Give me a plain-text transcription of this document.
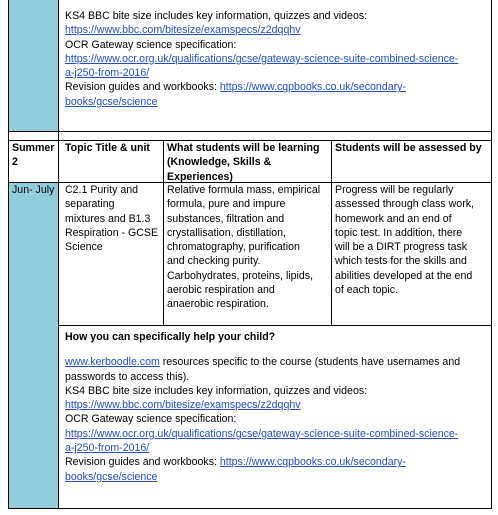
KS4 BBC bite size includes key information, quizzes and videos:

https://www.bbc.com/bitesize/examspecs/z2dqqhv

OCR Gateway science specification:

https://www.ocr.org.uk/qualifications/gcse/gateway-science-suite-combined-science-

a-j250-from-2016/

Revision guides and workbooks: https://www.cgpbooks.co.uk/secondary-

books/gcse/science

Summer

2

Topic Title & unit	What students will be learning

(Knowledge, Skills &

Experiences)

Students will be assessed by
Jun- July	C2.1 Purity and

separating

mixtures and B1.3

Respiration - GCSE

Science

Relative formula mass, empirical

formula, pure and impure

substances, filtration and

crystallisation, distillation,

chromatography, purification

and checking purity.

Carbohydrates, proteins, lipids,

aerobic respiration and

anaerobic respiration.

Progress will be regularly

assessed through class work,

homework and an end of

topic test. In addition, there

will be a DIRT progress task

which tests for the skills and

abilities developed at the end

of each topic.

How you can specifically help your child?

www.kerboodle.com resources specific to the course (students have usernames and

passwords to access this).

KS4 BBC bite size includes key information, quizzes and videos:

https://www.bbc.com/bitesize/examspecs/z2dqqhv

OCR Gateway science specification:

https://www.ocr.org.uk/qualifications/gcse/gateway-science-suite-combined-science-

a-j250-from-2016/

Revision guides and workbooks: https://www.cgpbooks.co.uk/secondary-

books/gcse/science
